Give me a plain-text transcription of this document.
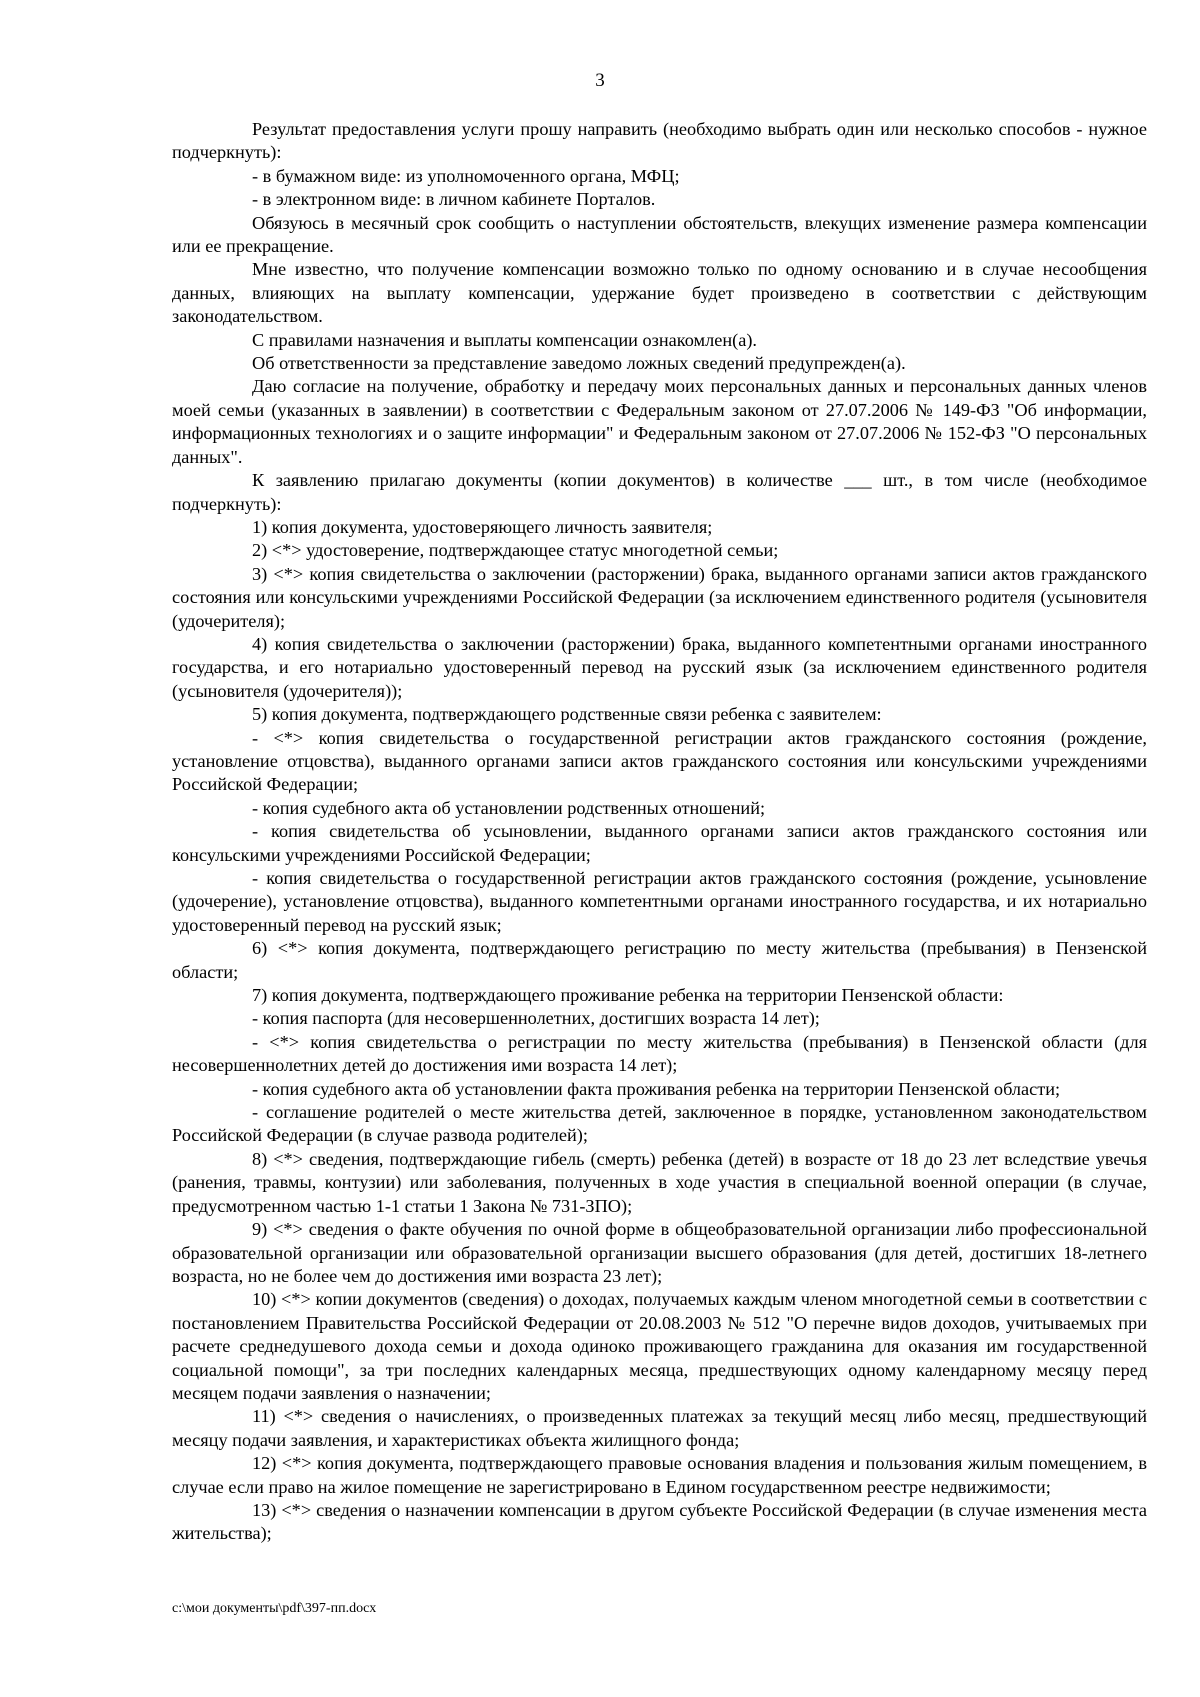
3

Результат предоставления услуги прошу направить (необходимо выбрать один или несколько способов - нужное подчеркнуть):

- в бумажном виде: из уполномоченного органа, МФЦ;

- в электронном виде: в личном кабинете Порталов.

Обязуюсь в месячный срок сообщить о наступлении обстоятельств, влекущих изменение размера компенсации или ее прекращение.

Мне известно, что получение компенсации возможно только по одному основанию и в случае несообщения данных, влияющих на выплату компенсации, удержание будет произведено в соответствии с действующим законодательством.

С правилами назначения и выплаты компенсации ознакомлен(а).

Об ответственности за представление заведомо ложных сведений предупрежден(а).

Даю согласие на получение, обработку и передачу моих персональных данных и персональных данных членов моей семьи (указанных в заявлении) в соответствии с Федеральным законом от 27.07.2006 № 149-ФЗ "Об информации, информационных технологиях и о защите информации" и Федеральным законом от 27.07.2006 № 152-ФЗ "О персональных данных".

К заявлению прилагаю документы (копии документов) в количестве ___ шт., в том числе (необходимое подчеркнуть):

1) копия документа, удостоверяющего личность заявителя;

2) <*> удостоверение, подтверждающее статус многодетной семьи;

3) <*> копия свидетельства о заключении (расторжении) брака, выданного органами записи актов гражданского состояния или консульскими учреждениями Российской Федерации (за исключением единственного родителя (усыновителя (удочерителя);

4) копия свидетельства о заключении (расторжении) брака, выданного компетентными органами иностранного государства, и его нотариально удостоверенный перевод на русский язык (за исключением единственного родителя (усыновителя (удочерителя));

5) копия документа, подтверждающего родственные связи ребенка с заявителем:

- <*> копия свидетельства о государственной регистрации актов гражданского состояния (рождение, установление отцовства), выданного органами записи актов гражданского состояния или консульскими учреждениями Российской Федерации;

- копия судебного акта об установлении родственных отношений;

- копия свидетельства об усыновлении, выданного органами записи актов гражданского состояния или консульскими учреждениями Российской Федерации;

- копия свидетельства о государственной регистрации актов гражданского состояния (рождение, усыновление (удочерение), установление отцовства), выданного компетентными органами иностранного государства, и их нотариально удостоверенный перевод на русский язык;

6) <*> копия документа, подтверждающего регистрацию по месту жительства (пребывания) в Пензенской области;

7) копия документа, подтверждающего проживание ребенка на территории Пензенской области:

- копия паспорта (для несовершеннолетних, достигших возраста 14 лет);

- <*> копия свидетельства о регистрации по месту жительства (пребывания) в Пензенской области (для несовершеннолетних детей до достижения ими возраста 14 лет);

- копия судебного акта об установлении факта проживания ребенка на территории Пензенской области;

- соглашение родителей о месте жительства детей, заключенное в порядке, установленном законодательством Российской Федерации (в случае развода родителей);

8) <*> сведения, подтверждающие гибель (смерть) ребенка (детей) в возрасте от 18 до 23 лет вследствие увечья (ранения, травмы, контузии) или заболевания, полученных в ходе участия в специальной военной операции (в случае, предусмотренном частью 1-1 статьи 1 Закона № 731-ЗПО);

9) <*> сведения о факте обучения по очной форме в общеобразовательной организации либо профессиональной образовательной организации или образовательной организации высшего образования (для детей, достигших 18-летнего возраста, но не более чем до достижения ими возраста 23 лет);

10) <*> копии документов (сведения) о доходах, получаемых каждым членом многодетной семьи в соответствии с постановлением Правительства Российской Федерации от 20.08.2003 № 512 "О перечне видов доходов, учитываемых при расчете среднедушевого дохода семьи и дохода одиноко проживающего гражданина для оказания им государственной социальной помощи", за три последних календарных месяца, предшествующих одному календарному месяцу перед месяцем подачи заявления о назначении;

11) <*> сведения о начислениях, о произведенных платежах за текущий месяц либо месяц, предшествующий месяцу подачи заявления, и характеристиках объекта жилищного фонда;

12) <*> копия документа, подтверждающего правовые основания владения и пользования жилым помещением, в случае если право на жилое помещение не зарегистрировано в Едином государственном реестре недвижимости;

13) <*> сведения о назначении компенсации в другом субъекте Российской Федерации (в случае изменения места жительства);

c:\мои документы\pdf\397-пп.docx
